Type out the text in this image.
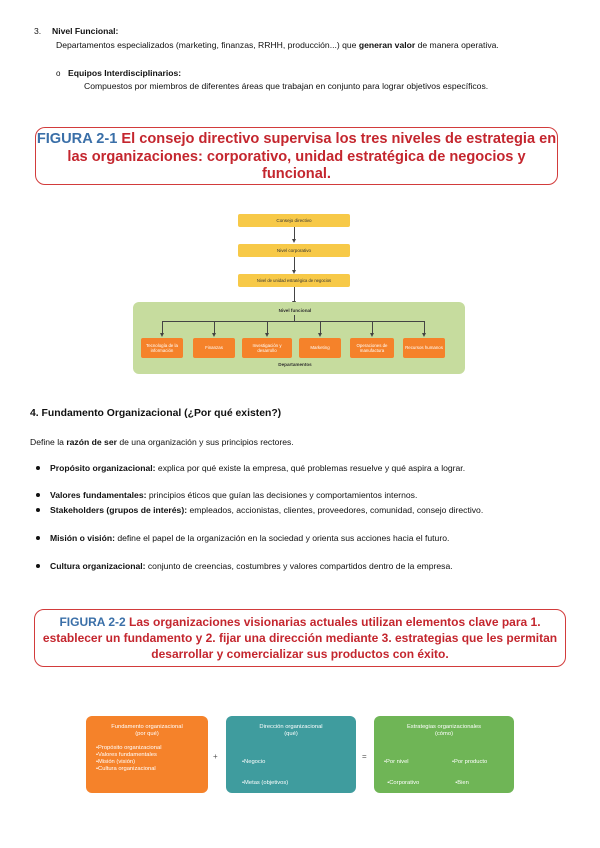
3. Nivel Funcional:
Departamentos especializados (marketing, finanzas, RRHH, producción...) que generan valor de manera operativa.
o Equipos Interdisciplinarios:
Compuestos por miembros de diferentes áreas que trabajan en conjunto para lograr objetivos específicos.
FIGURA 2-1 El consejo directivo supervisa los tres niveles de estrategia en las organizaciones: corporativo, unidad estratégica de negocios y funcional.
Consejo directivo
Nivel corporativo
Nivel de unidad estratégica de negocios
Nivel funcional
Tecnología de la información
Finanzas
Investigación y desarrollo
Marketing
Operaciones de manufactura
Recursos humanos
Departamentos
4. Fundamento Organizacional (¿Por qué existen?)
Define la razón de ser de una organización y sus principios rectores.
Propósito organizacional: explica por qué existe la empresa, qué problemas resuelve y qué aspira a lograr.
Valores fundamentales: principios éticos que guían las decisiones y comportamientos internos.
Stakeholders (grupos de interés): empleados, accionistas, clientes, proveedores, comunidad, consejo directivo.
Misión o visión: define el papel de la organización en la sociedad y orienta sus acciones hacia el futuro.
Cultura organizacional: conjunto de creencias, costumbres y valores compartidos dentro de la empresa.
FIGURA 2-2 Las organizaciones visionarias actuales utilizan elementos clave para 1. establecer un fundamento y 2. fijar una dirección mediante 3. estrategias que les permitan desarrollar y comercializar sus productos con éxito.
Fundamento organizacional
(por qué)
•Propósito organizacional
•Valores fundamentales
•Misión (visión)
•Cultura organizacional
+
Dirección organizacional
(qué)

•Negocio

•Metas (objetivos)

•De largo plazo

•De corto plazo

=
Estrategias organizacionales
(cómo)

•Por nivel

•Corporativo

•UEN

•Funcional

•Por producto

•Bien

•Servicio

•Idea
